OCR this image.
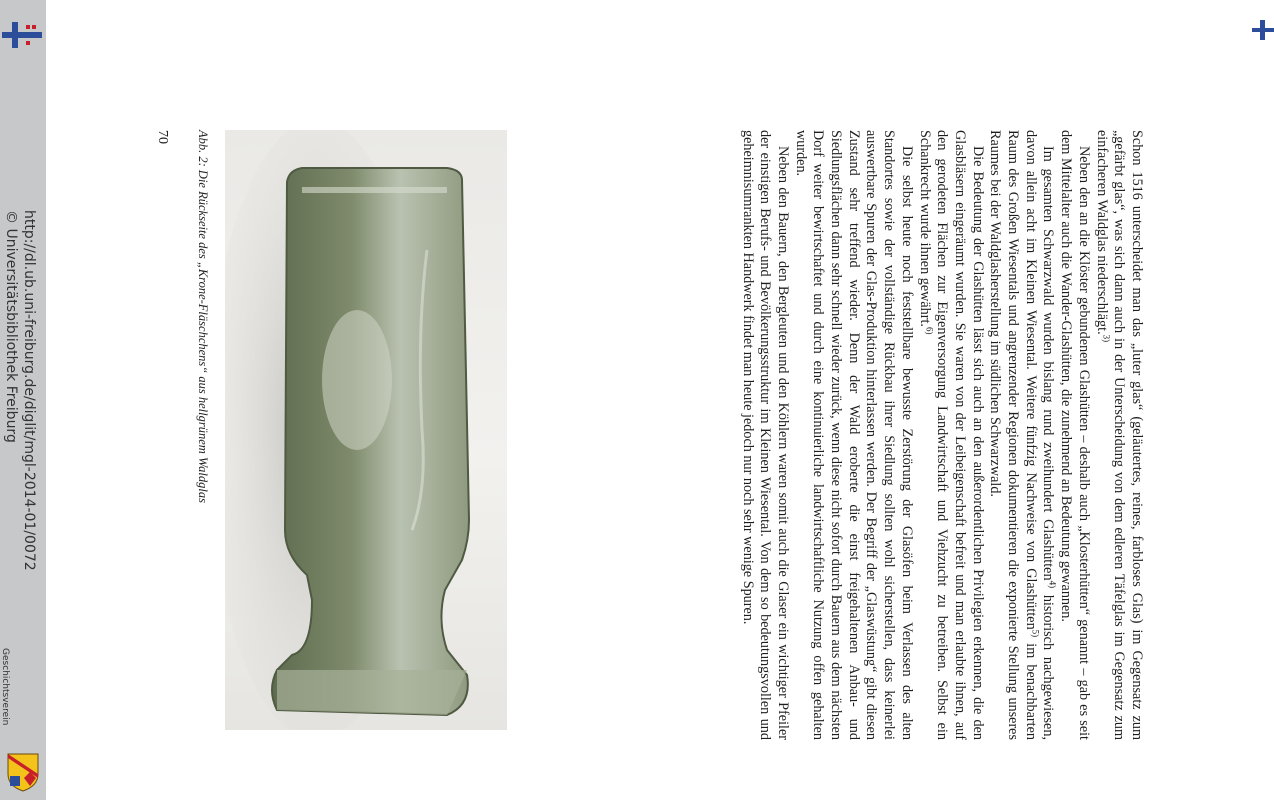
http://dl.ub.uni-freiburg.de/diglit/mgl-2014-01/0072
© Universitätsbibliothek Freiburg
Geschichtsverein	Schon 1516 unterscheidet man das „luter glas“ (geläutertes, reines, farbloses Glas) im Gegensatz zum „gefärbt glas“, was sich dann auch in der Unterscheidung von dem edleren Täfelglas im Gegensatz zum einfacheren Waldglas niederschlägt.$^{3)}$

Neben den an die Klöster gebundenen Glashütten – deshalb auch „Klosterhütten“ genannt – gab es seit dem Mittelalter auch die Wander-Glashütten, die zunehmend an Bedeutung gewannen.

Im gesamten Schwarzwald wurden bislang rund zweihundert Glashütten$^{4)}$ historisch nachgewiesen, davon allein acht im Kleinen Wiesental. Weitere fünfzig Nachweise von Glashütten$^{5)}$ im benachbarten Raum des Großen Wiesentals und angrenzender Regionen dokumentieren die exponierte Stellung unseres Raumes bei der Waldglasherstellung im südlichen Schwarzwald.

Die Bedeutung der Glashütten lässt sich auch an den außerordentlichen Privilegien erkennen, die den Glasbläsern eingeräumt wurden. Sie waren von der Leibeigenschaft befreit und man erlaubte ihnen, auf den gerodeten Flächen zur Eigenversorgung Landwirtschaft und Viehzucht zu betreiben. Selbst ein Schankrecht wurde ihnen gewährt.$^{6)}$

Die selbst heute noch feststellbare bewusste Zerstörung der Glasöfen beim Verlassen des alten Standortes sowie der vollständige Rückbau ihrer Siedlung sollten wohl sicherstellen, dass keinerlei auswertbare Spuren der Glas-Produktion hinterlassen werden. Der Begriff der „Glaswüstung“ gibt diesen Zustand sehr treffend wieder. Denn der Wald eroberte die einst freigehaltenen Anbau- und Siedlungsflächen dann sehr schnell wieder zurück, wenn diese nicht sofort durch Bauern aus dem nächsten Dorf weiter bewirtschaftet und durch eine kontinuierliche landwirtschaftliche Nutzung offen gehalten wurden.

Neben den Bauern, den Bergleuten und den Köhlern waren somit auch die Glaser ein wichtiger Pfeiler der einstigen Berufs- und Bevölkerungsstruktur im Kleinen Wiesental. Von dem so bedeutungsvollen und geheimnisumrankten Handwerk findet man heute jedoch nur noch sehr wenige Spuren.

Abb. 2: Die Rückseite des „Krone-Fläschchens“ aus hellgrünem Waldglas
70
